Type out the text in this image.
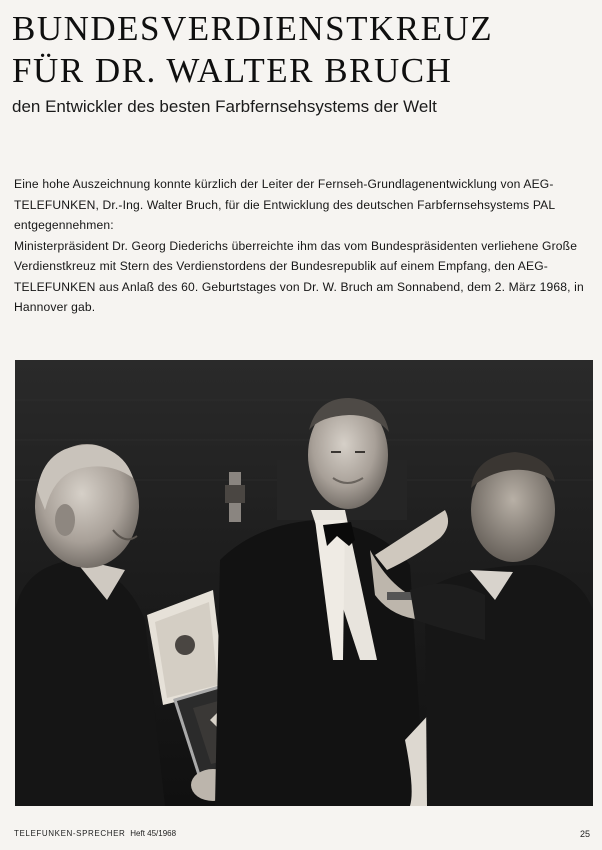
BUNDESVERDIENSTKREUZ
FÜR DR. WALTER BRUCH

den Entwickler des besten Farbfernsehsystems der Welt

Eine hohe Auszeichnung konnte kürzlich der Leiter der Fernseh-Grundlagenentwicklung von AEG-TELEFUNKEN, Dr.-Ing. Walter Bruch, für die Entwicklung des deutschen Farbfernsehsystems PAL entgegennehmen:

Ministerpräsident Dr. Georg Diederichs überreichte ihm das vom Bundespräsidenten verliehene Große Verdienstkreuz mit Stern des Verdienstordens der Bundesrepublik auf einem Empfang, den AEG-TELEFUNKEN aus Anlaß des 60. Geburtstages von Dr. W. Bruch am Sonnabend, dem 2. März 1968, in Hannover gab.

TELEFUNKEN-SPRECHER Heft 45/1968	25
